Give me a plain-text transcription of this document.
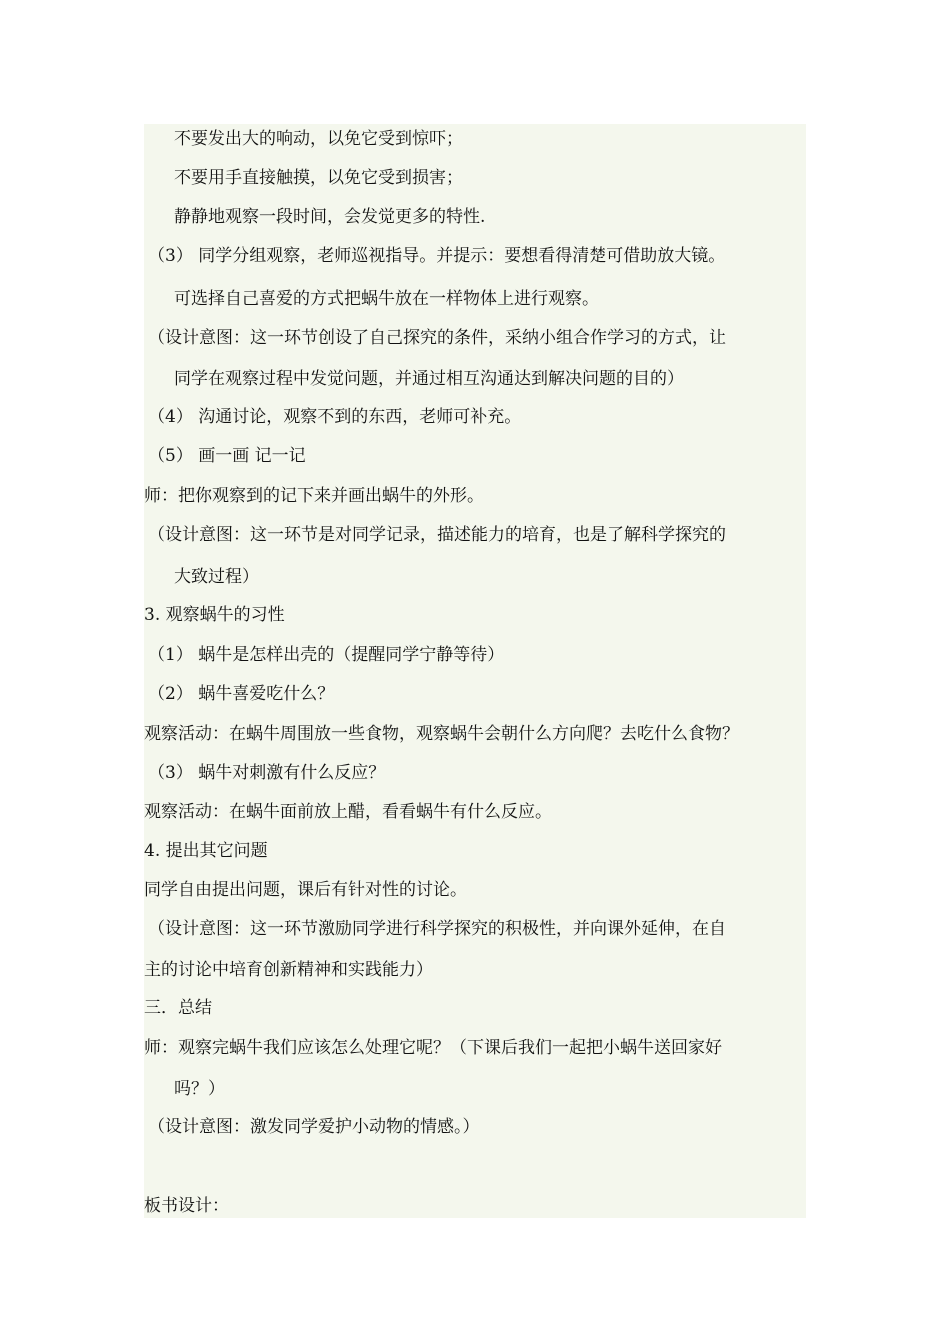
不要发出大的响动，以免它受到惊吓；
不要用手直接触摸，以免它受到损害；
静静地观察一段时间，会发觉更多的特性.
（3） 同学分组观察，老师巡视指导。并提示：要想看得清楚可借助放大镜。
可选择自己喜爱的方式把蜗牛放在一样物体上进行观察。
（设计意图：这一环节创设了自己探究的条件，采纳小组合作学习的方式，让
同学在观察过程中发觉问题，并通过相互沟通达到解决问题的目的）
（4） 沟通讨论，观察不到的东西，老师可补充。
（5） 画一画 记一记
师：把你观察到的记下来并画出蜗牛的外形。
（设计意图：这一环节是对同学记录，描述能力的培育，也是了解科学探究的
大致过程）
3. 观察蜗牛的习性
（1） 蜗牛是怎样出壳的（提醒同学宁静等待）
（2） 蜗牛喜爱吃什么？
观察活动：在蜗牛周围放一些食物，观察蜗牛会朝什么方向爬？去吃什么食物？
（3） 蜗牛对刺激有什么反应？
观察活动：在蜗牛面前放上醋，看看蜗牛有什么反应。
4. 提出其它问题
同学自由提出问题，课后有针对性的讨论。
（设计意图：这一环节激励同学进行科学探究的积极性，并向课外延伸，在自
主的讨论中培育创新精神和实践能力）
三．总结
师：观察完蜗牛我们应该怎么处理它呢？（下课后我们一起把小蜗牛送回家好
吗？）
（设计意图：激发同学爱护小动物的情感。）
板书设计：
